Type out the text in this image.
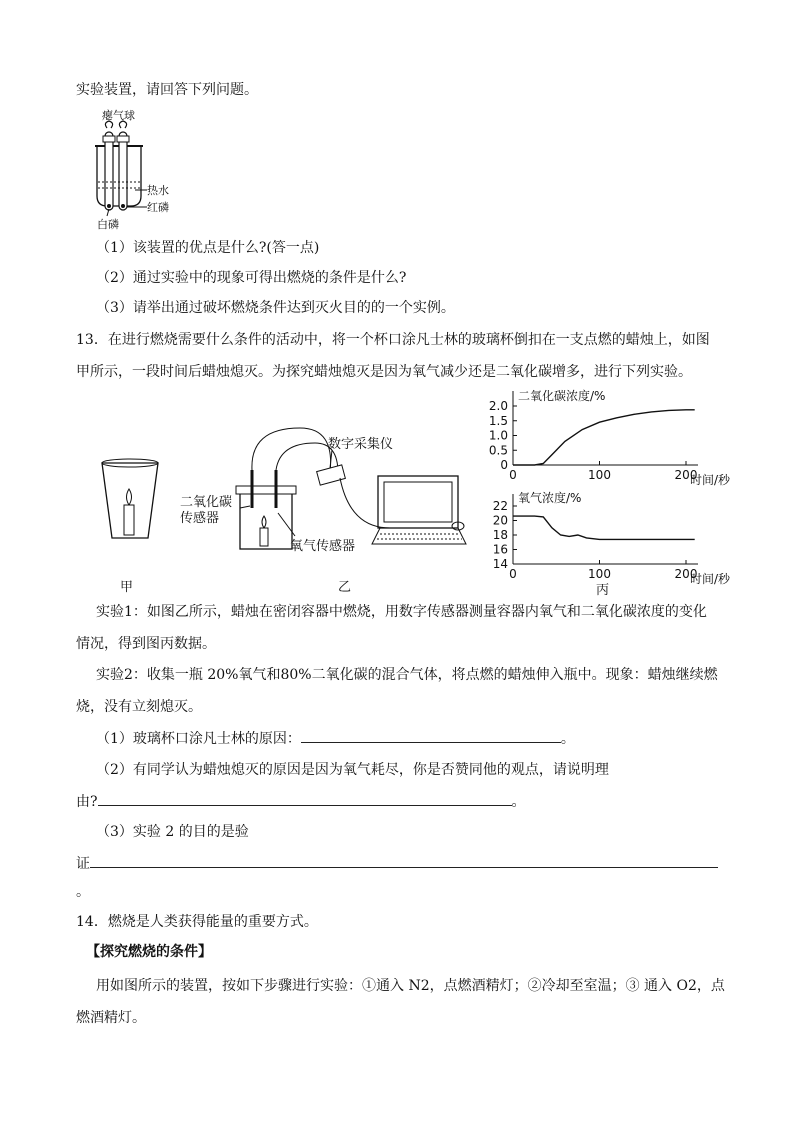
实验装置，请回答下列问题。
瘪气球
热水
红磷
白磷
（1）该装置的优点是什么?(答一点)
（2）通过实验中的现象可得出燃烧的条件是什么?
（3）请举出通过破坏燃烧条件达到灭火目的的一个实例。
13．在进行燃烧需要什么条件的活动中，将一个杯口涂凡士林的玻璃杯倒扣在一支点燃的蜡烛上，如图
甲所示，一段时间后蜡烛熄灭。为探究蜡烛熄灭是因为氧气减少还是二氧化碳增多，进行下列实验。
甲
数字采集仪
二氧化碳
传感器
氧气传感器
乙
二氧化碳浓度/%
时间/秒
0
0.5
1.0
1.5
2.0
0	100	200
氧气浓度/%
时间/秒
14
16
18
20
22
0	100	200
丙
实验1：如图乙所示，蜡烛在密闭容器中燃烧，用数字传感器测量容器内氧气和二氧化碳浓度的变化
情况，得到图丙数据。
实验2：收集一瓶 20%氧气和80%二氧化碳的混合气体，将点燃的蜡烛伸入瓶中。现象：蜡烛继续燃
烧，没有立刻熄灭。
（1）玻璃杯口涂凡士林的原因：	。
（2）有同学认为蜡烛熄灭的原因是因为氧气耗尽，你是否赞同他的观点，请说明理
由?	。
（3）实验 2 的目的是验
证
。
14．燃烧是人类获得能量的重要方式。
【探究燃烧的条件】
用如图所示的装置，按如下步骤进行实验：①通入 N2，点燃酒精灯；②冷却至室温；③ 通入 O2，点
燃酒精灯。
